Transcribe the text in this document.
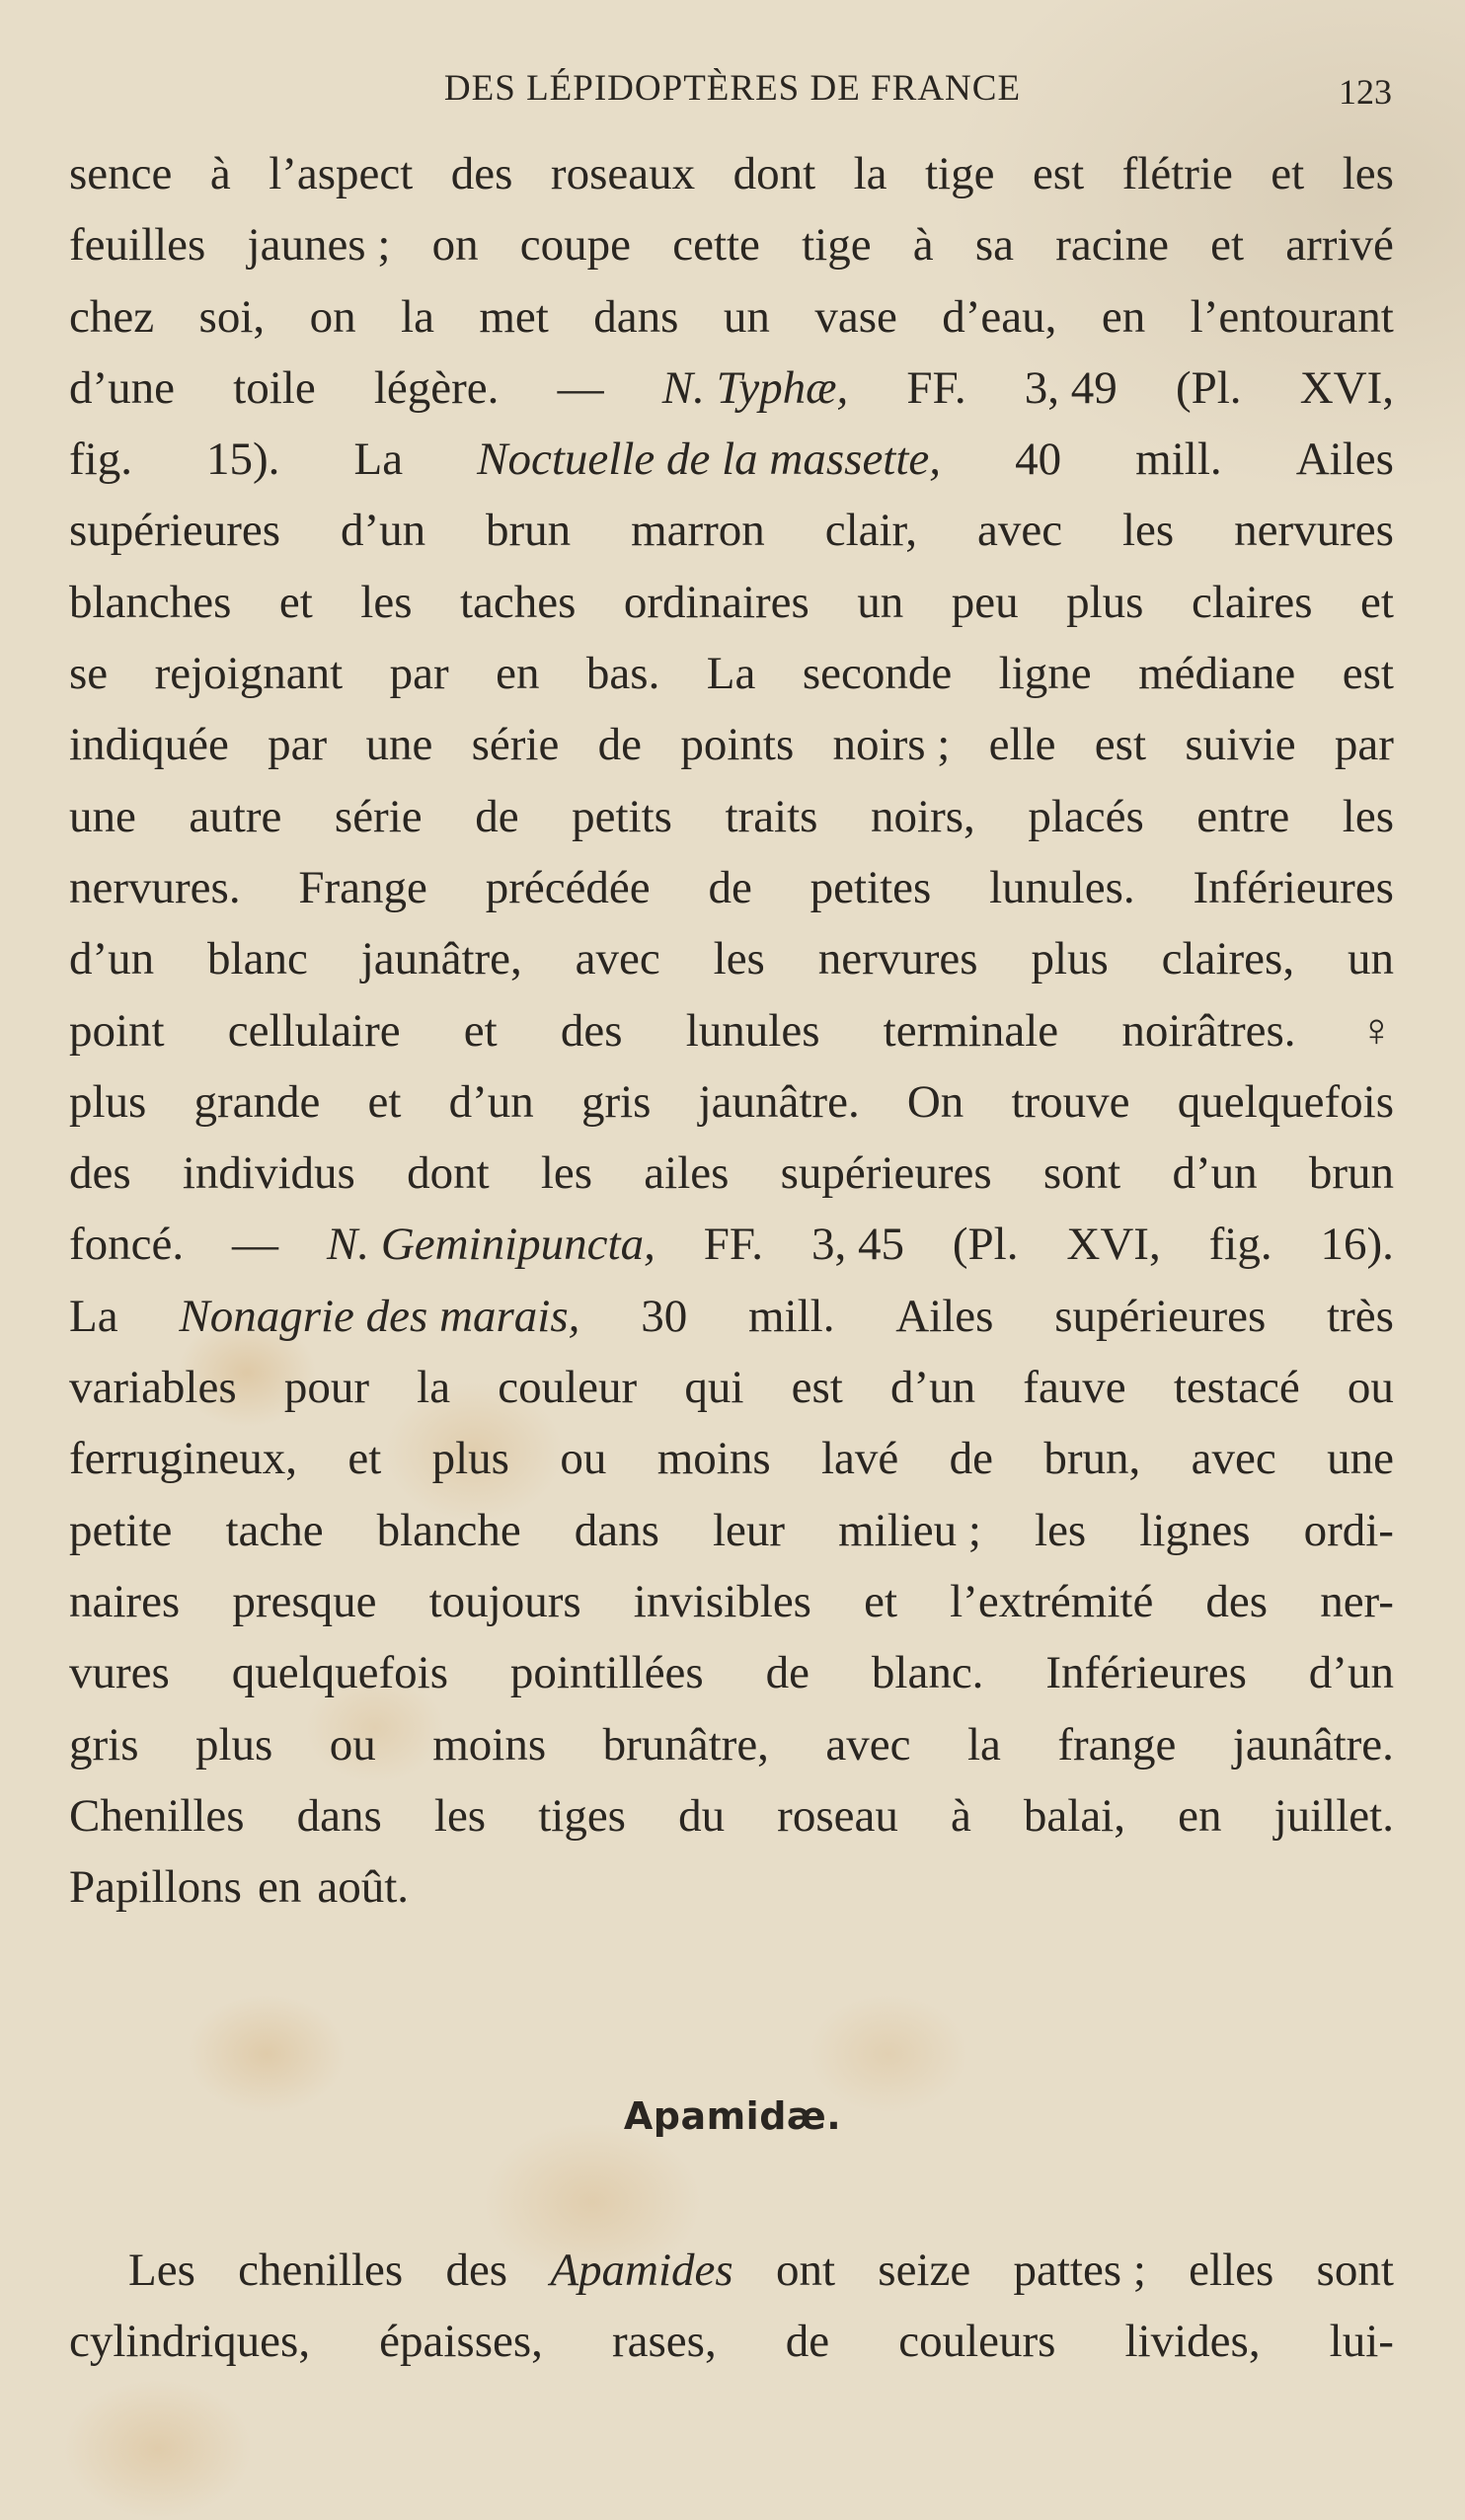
DES LÉPIDOPTÈRES DE FRANCE	123
sence à l’aspect des roseaux dont la tige est flétrie et les
feuilles jaunes ; on coupe cette tige à sa racine et arrivé
chez soi, on la met dans un vase d’eau, en l’entourant
d’une toile légère. — N. Typhæ, FF. 3, 49 (Pl. XVI,
fig. 15). La Noctuelle de la massette, 40 mill. Ailes
supérieures d’un brun marron clair, avec les nervures
blanches et les taches ordinaires un peu plus claires et
se rejoignant par en bas. La seconde ligne médiane est
indiquée par une série de points noirs ; elle est suivie par
une autre série de petits traits noirs, placés entre les
nervures. Frange précédée de petites lunules. Inférieures
d’un blanc jaunâtre, avec les nervures plus claires, un
point cellulaire et des lunules terminale noirâtres. ♀
plus grande et d’un gris jaunâtre. On trouve quelquefois
des individus dont les ailes supérieures sont d’un brun
foncé. — N. Geminipuncta, FF. 3, 45 (Pl. XVI, fig. 16).
La Nonagrie des marais, 30 mill. Ailes supérieures très
variables pour la couleur qui est d’un fauve testacé ou
ferrugineux, et plus ou moins lavé de brun, avec une
petite tache blanche dans leur milieu ; les lignes ordi-
naires presque toujours invisibles et l’extrémité des ner-
vures quelquefois pointillées de blanc. Inférieures d’un
gris plus ou moins brunâtre, avec la frange jaunâtre.
Chenilles dans les tiges du roseau à balai, en juillet.
Papillons en août.
Apamidæ.
Les chenilles des Apamides ont seize pattes ; elles sont
cylindriques, épaisses, rases, de couleurs livides, lui-
